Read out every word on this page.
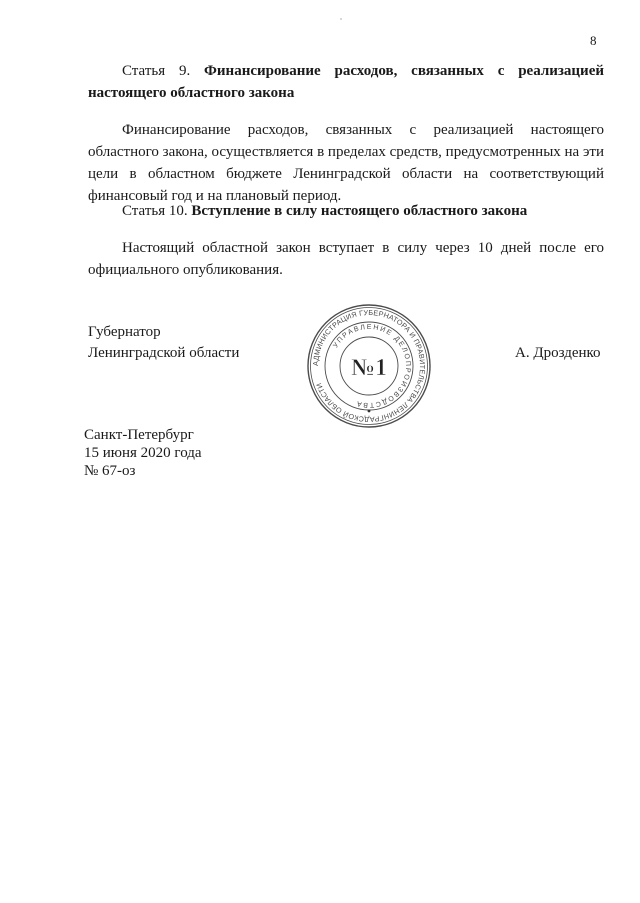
8

Статья 9. Финансирование расходов, связанных с реализацией настоящего областного закона

Финансирование расходов, связанных с реализацией настоящего областного закона, осуществляется в пределах средств, предусмотренных на эти цели в областном бюджете Ленинградской области на соответствующий финансовый год и на плановый период.

Статья 10. Вступление в силу настоящего областного закона

Настоящий областной закон вступает в силу через 10 дней после его официального опубликования.

Губернатор
Ленинградской области
АДМИНИСТРАЦИЯ ГУБЕРНАТОРА И ПРАВИТЕЛЬСТВА ЛЕНИНГРАДСКОЙ ОБЛАСТИ
УПРАВЛЕНИЕ ДЕЛОПРОИЗВОДСТВА
№1
А. Дрозденко
Санкт-Петербург
15 июня 2020 года
№ 67-оз
